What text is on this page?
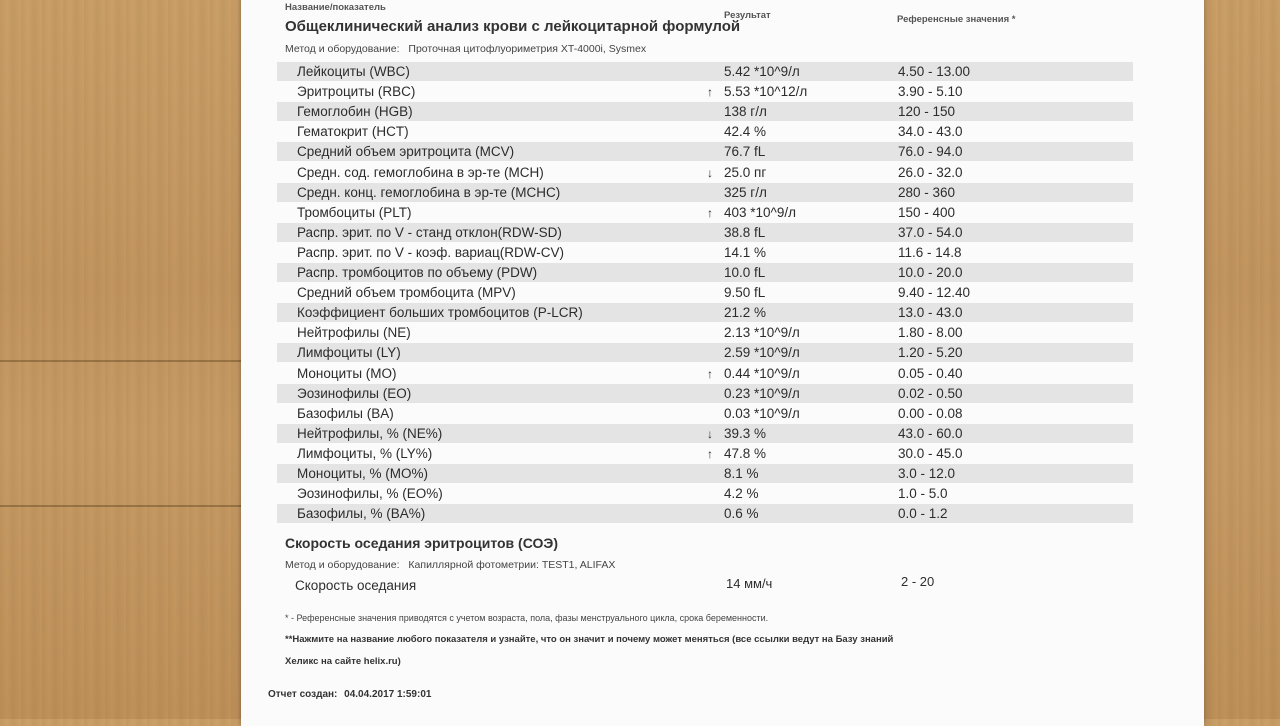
Название/показатель
Результат	Референсные значения *
Общеклинический анализ крови с лейкоцитарной формулой
Метод и оборудование: Проточная цитофлуориметрия XT-4000i, Sysmex
Лейкоциты (WBC)	5.42 *10^9/л	4.50 - 13.00
Эритроциты (RBC)	↑ 5.53 *10^12/л	3.90 - 5.10
Гемоглобин (HGB)	138 г/л	120 - 150
Гематокрит (HCT)	42.4 %	34.0 - 43.0
Средний объем эритроцита (MCV)	76.7 fL	76.0 - 94.0
Средн. сод. гемоглобина в эр-те (MCH)	↓ 25.0 пг	26.0 - 32.0
Средн. конц. гемоглобина в эр-те (MCHC)	325 г/л	280 - 360
Тромбоциты (PLT)	↑ 403 *10^9/л	150 - 400
Распр. эрит. по V - станд отклон(RDW-SD)	38.8 fL	37.0 - 54.0
Распр. эрит. по V - коэф. вариац(RDW-CV)	14.1 %	11.6 - 14.8
Распр. тромбоцитов по объему (PDW)	10.0 fL	10.0 - 20.0
Средний объем тромбоцита (MPV)	9.50 fL	9.40 - 12.40
Коэффициент больших тромбоцитов (P-LCR)	21.2 %	13.0 - 43.0
Нейтрофилы (NE)	2.13 *10^9/л	1.80 - 8.00
Лимфоциты (LY)	2.59 *10^9/л	1.20 - 5.20
Моноциты (MO)	↑ 0.44 *10^9/л	0.05 - 0.40
Эозинофилы (EO)	0.23 *10^9/л	0.02 - 0.50
Базофилы (BA)	0.03 *10^9/л	0.00 - 0.08
Нейтрофилы, % (NE%)	↓ 39.3 %	43.0 - 60.0
Лимфоциты, % (LY%)	↑ 47.8 %	30.0 - 45.0
Моноциты, % (MO%)	8.1 %	3.0 - 12.0
Эозинофилы, % (EO%)	4.2 %	1.0 - 5.0
Базофилы, % (BA%)	0.6 %	0.0 - 1.2
Скорость оседания эритроцитов (СОЭ)
Метод и оборудование: Капиллярной фотометрии: TEST1, ALIFAX
Скорость оседания	14 мм/ч	2 - 20
* - Референсные значения приводятся с учетом возраста, пола, фазы менструального цикла, срока беременности.
**Нажмите на название любого показателя и узнайте, что он значит и почему может меняться (все ссылки ведут на Базу знаний
Хеликс на сайте helix.ru)
Отчет создан: 04.04.2017 1:59:01
